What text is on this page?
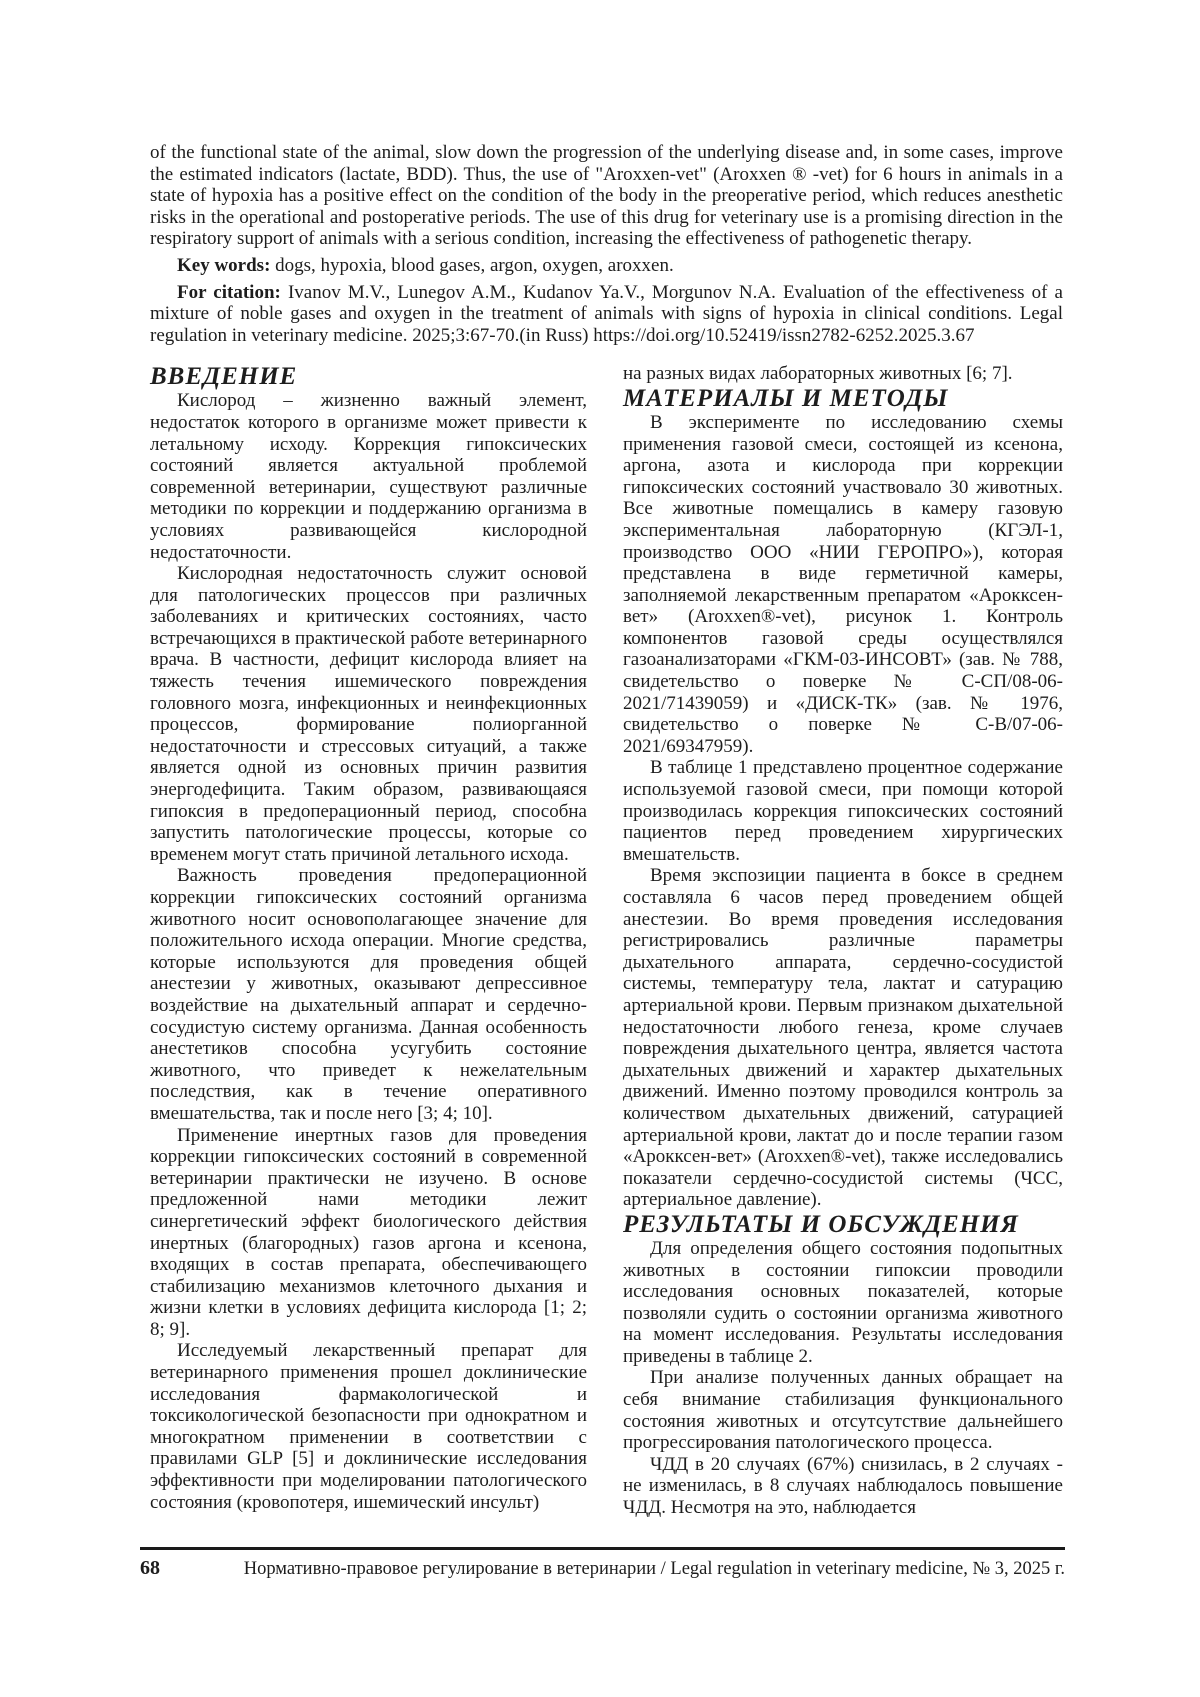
of the functional state of the animal, slow down the progression of the underlying disease and, in some cases, improve the estimated indicators (lactate, BDD). Thus, the use of "Aroxxen-vet" (Aroxxen ® -vet) for 6 hours in animals in a state of hypoxia has a positive effect on the condition of the body in the preoperative period, which reduces anesthetic risks in the operational and postoperative periods. The use of this drug for veterinary use is a promising direction in the respiratory support of animals with a serious condition, increasing the effectiveness of pathogenetic therapy.

Key words: dogs, hypoxia, blood gases, argon, oxygen, aroxxen.

For citation: Ivanov M.V., Lunegov A.M., Kudanov Ya.V., Morgunov N.A. Evaluation of the effectiveness of a mixture of noble gases and oxygen in the treatment of animals with signs of hypoxia in clinical conditions. Legal regulation in veterinary medicine. 2025;3:67-70.(in Russ) https://doi.org/10.52419/issn2782-6252.2025.3.67

ВВЕДЕНИЕ

Кислород – жизненно важный элемент, недостаток которого в организме может привести к летальному исходу. Коррекция гипоксических состояний является актуальной проблемой современной ветеринарии, существуют различные методики по коррекции и поддержанию организма в условиях развивающейся кислородной недостаточности.

Кислородная недостаточность служит основой для патологических процессов при различных заболеваниях и критических состояниях, часто встречающихся в практической работе ветеринарного врача. В частности, дефицит кислорода влияет на тяжесть течения ишемического повреждения головного мозга, инфекционных и неинфекционных процессов, формирование полиорганной недостаточности и стрессовых ситуаций, а также является одной из основных причин развития энергодефицита. Таким образом, развивающаяся гипоксия в предоперационный период, способна запустить патологические процессы, которые со временем могут стать причиной летального исхода.

Важность проведения предоперационной коррекции гипоксических состояний организма животного носит основополагающее значение для положительного исхода операции. Многие средства, которые используются для проведения общей анестезии у животных, оказывают депрессивное воздействие на дыхательный аппарат и сердечно-сосудистую систему организма. Данная особенность анестетиков способна усугубить состояние животного, что приведет к нежелательным последствия, как в течение оперативного вмешательства, так и после него [3; 4; 10].

Применение инертных газов для проведения коррекции гипоксических состояний в современной ветеринарии практически не изучено. В основе предложенной нами методики лежит синергетический эффект биологического действия инертных (благородных) газов аргона и ксенона, входящих в состав препарата, обеспечивающего стабилизацию механизмов клеточного дыхания и жизни клетки в условиях дефицита кислорода [1; 2; 8; 9].

Исследуемый лекарственный препарат для ветеринарного применения прошел доклинические исследования фармакологической и токсикологической безопасности при однократном и многократном применении в соответствии с правилами GLP [5] и доклинические исследования эффективности при моделировании патологического состояния (кровопотеря, ишемический инсульт)

на разных видах лабораторных животных [6; 7].

МАТЕРИАЛЫ И МЕТОДЫ

В эксперименте по исследованию схемы применения газовой смеси, состоящей из ксенона, аргона, азота и кислорода при коррекции гипоксических состояний участвовало 30 животных. Все животные помещались в камеру газовую экспериментальная лабораторную (КГЭЛ-1, производство ООО «НИИ ГЕРОПРО»), которая представлена в виде герметичной камеры, заполняемой лекарственным препаратом «Арокксен-вет» (Aroxxen®-vet), рисунок 1. Контроль компонентов газовой среды осуществлялся газоанализаторами «ГКМ-03-ИНСОВТ» (зав. № 788, свидетельство о поверке № С-СП/08-06-2021/71439059) и «ДИСК-ТК» (зав. № 1976, свидетельство о поверке № С-В/07-06-2021/69347959).

В таблице 1 представлено процентное содержание используемой газовой смеси, при помощи которой производилась коррекция гипоксических состояний пациентов перед проведением хирургических вмешательств.

Время экспозиции пациента в боксе в среднем составляла 6 часов перед проведением общей анестезии. Во время проведения исследования регистрировались различные параметры дыхательного аппарата, сердечно-сосудистой системы, температуру тела, лактат и сатурацию артериальной крови. Первым признаком дыхательной недостаточности любого генеза, кроме случаев повреждения дыхательного центра, является частота дыхательных движений и характер дыхательных движений. Именно поэтому проводился контроль за количеством дыхательных движений, сатурацией артериальной крови, лактат до и после терапии газом «Арокксен-вет» (Aroxxen®-vet), также исследовались показатели сердечно-сосудистой системы (ЧСС, артериальное давление).

РЕЗУЛЬТАТЫ И ОБСУЖДЕНИЯ

Для определения общего состояния подопытных животных в состоянии гипоксии проводили исследования основных показателей, которые позволяли судить о состоянии организма животного на момент исследования. Результаты исследования приведены в таблице 2.

При анализе полученных данных обращает на себя внимание стабилизация функционального состояния животных и отсутсутствие дальнейшего прогрессирования патологического процесса.

ЧДД в 20 случаях (67%) снизилась, в 2 случаях - не изменилась, в 8 случаях наблюдалось повышение ЧДД. Несмотря на это, наблюдается

68	Нормативно-правовое регулирование в ветеринарии / Legal regulation in veterinary medicine, № 3, 2025 г.
